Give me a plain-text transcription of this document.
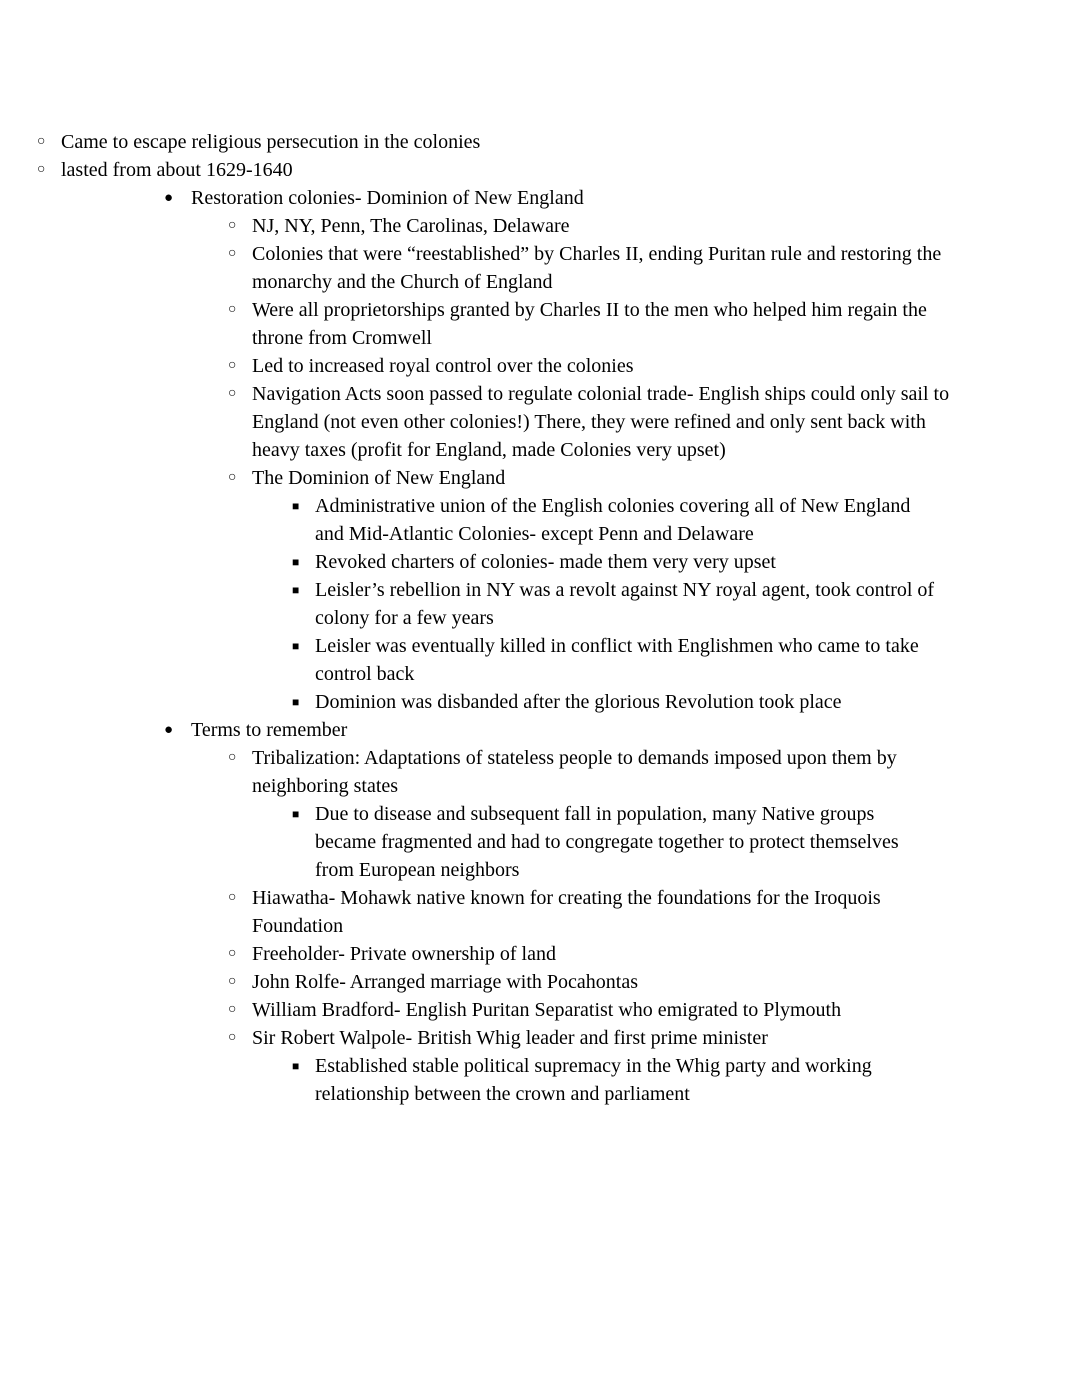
○ Came to escape religious persecution in the colonies
○ lasted from about 1629-1640
● Restoration colonies- Dominion of New England
○ NJ, NY, Penn, The Carolinas, Delaware
○ Colonies that were “reestablished” by Charles II, ending Puritan rule and restoring the monarchy and the Church of England
○ Were all proprietorships granted by Charles II to the men who helped him regain the throne from Cromwell
○ Led to increased royal control over the colonies
○ Navigation Acts soon passed to regulate colonial trade- English ships could only sail to England (not even other colonies!) There, they were refined and only sent back with heavy taxes (profit for England, made Colonies very upset)
○ The Dominion of New England
■ Administrative union of the English colonies covering all of New England and Mid-Atlantic Colonies- except Penn and Delaware
■ Revoked charters of colonies- made them very very upset
■ Leisler’s rebellion in NY was a revolt against NY royal agent, took control of colony for a few years
■ Leisler was eventually killed in conflict with Englishmen who came to take control back
■ Dominion was disbanded after the glorious Revolution took place
● Terms to remember
○ Tribalization: Adaptations of stateless people to demands imposed upon them by neighboring states
■ Due to disease and subsequent fall in population, many Native groups became fragmented and had to congregate together to protect themselves from European neighbors
○ Hiawatha- Mohawk native known for creating the foundations for the Iroquois Foundation
○ Freeholder- Private ownership of land
○ John Rolfe- Arranged marriage with Pocahontas
○ William Bradford- English Puritan Separatist who emigrated to Plymouth
○ Sir Robert Walpole- British Whig leader and first prime minister
■ Established stable political supremacy in the Whig party and working relationship between the crown and parliament
